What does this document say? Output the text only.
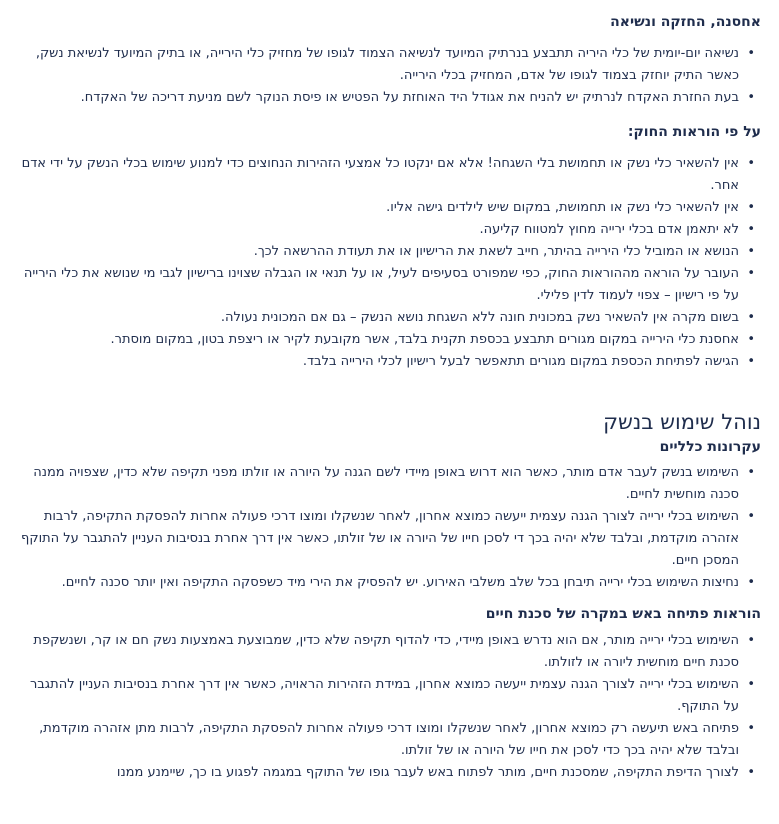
אחסנה, החזקה ונשיאה
• נשיאה יום-יומית של כלי היריה תתבצע בנרתיק המיועד לנשיאה הצמוד לגופו של מחזיק כלי הירייה, או בתיק המיועד לנשיאת נשק, כאשר התיק יוחזק בצמוד לגופו של אדם, המחזיק בכלי הירייה.
• בעת החזרת האקדח לנרתיק יש להניח את אגודל היד האוחזת על הפטיש או פיסת הנוקר לשם מניעת דריכה של האקדח.
על פי הוראות החוק:
• אין להשאיר כלי נשק או תחמושת בלי השגחה! אלא אם ינקטו כל אמצעי הזהירות הנחוצים כדי למנוע שימוש בכלי הנשק על ידי אדם אחר.
• אין להשאיר כלי נשק או תחמושת, במקום שיש לילדים גישה אליו.
• לא יתאמן אדם בכלי ירייה מחוץ למטווח קליעה.
• הנושא או המוביל כלי הירייה בהיתר, חייב לשאת את הרישיון או את תעודת ההרשאה לכך.
• העובר על הוראה מההוראות החוק, כפי שמפורט בסעיפים לעיל, או על תנאי או הגבלה שצוינו ברישיון לגבי מי שנושא את כלי הירייה על פי רישיון – צפוי לעמוד לדין פלילי.
• בשום מקרה אין להשאיר נשק במכונית חונה ללא השגחת נושא הנשק – גם אם המכונית נעולה.
• אחסנת כלי הירייה במקום מגורים תתבצע בכספת תקנית בלבד, אשר מקובעת לקיר או ריצפת בטון, במקום מוסתר.
• הגישה לפתיחת הכספת במקום מגורים תתאפשר לבעל רישיון לכלי הירייה בלבד.
נוהל שימוש בנשק
עקרונות כלליים
• השימוש בנשק לעבר אדם מותר, כאשר הוא דרוש באופן מיידי לשם הגנה על היורה או זולתו מפני תקיפה שלא כדין, שצפויה ממנה סכנה מוחשית לחיים.
• השימוש בכלי ירייה לצורך הגנה עצמית ייעשה כמוצא אחרון, לאחר שנשקלו ומוצו דרכי פעולה אחרות להפסקת התקיפה, לרבות אזהרה מוקדמת, ובלבד שלא יהיה בכך די לסכן חייו של היורה או של זולתו, כאשר אין דרך אחרת בנסיבות העניין להתגבר על התוקף המסכן חיים.
• נחיצות השימוש בכלי ירייה תיבחן בכל שלב משלבי האירוע. יש להפסיק את הירי מיד כשפסקה התקיפה ואין יותר סכנה לחיים.
הוראות פתיחה באש במקרה של סכנת חיים
• השימוש בכלי ירייה מותר, אם הוא נדרש באופן מיידי, כדי להדוף תקיפה שלא כדין, שמבוצעת באמצעות נשק חם או קר, ושנשקפת סכנת חיים מוחשית ליורה או לזולתו.
• השימוש בכלי ירייה לצורך הגנה עצמית ייעשה כמוצא אחרון, במידת הזהירות הראויה, כאשר אין דרך אחרת בנסיבות העניין להתגבר על התוקף.
• פתיחה באש תיעשה רק כמוצא אחרון, לאחר שנשקלו ומוצו דרכי פעולה אחרות להפסקת התקיפה, לרבות מתן אזהרה מוקדמת, ובלבד שלא יהיה בכך כדי לסכן את חייו של היורה או של זולתו.
• לצורך הדיפת התקיפה, שמסכנת חיים, מותר לפתוח באש לעבר גופו של התוקף במגמה לפגוע בו כך, שיימנע ממנו
